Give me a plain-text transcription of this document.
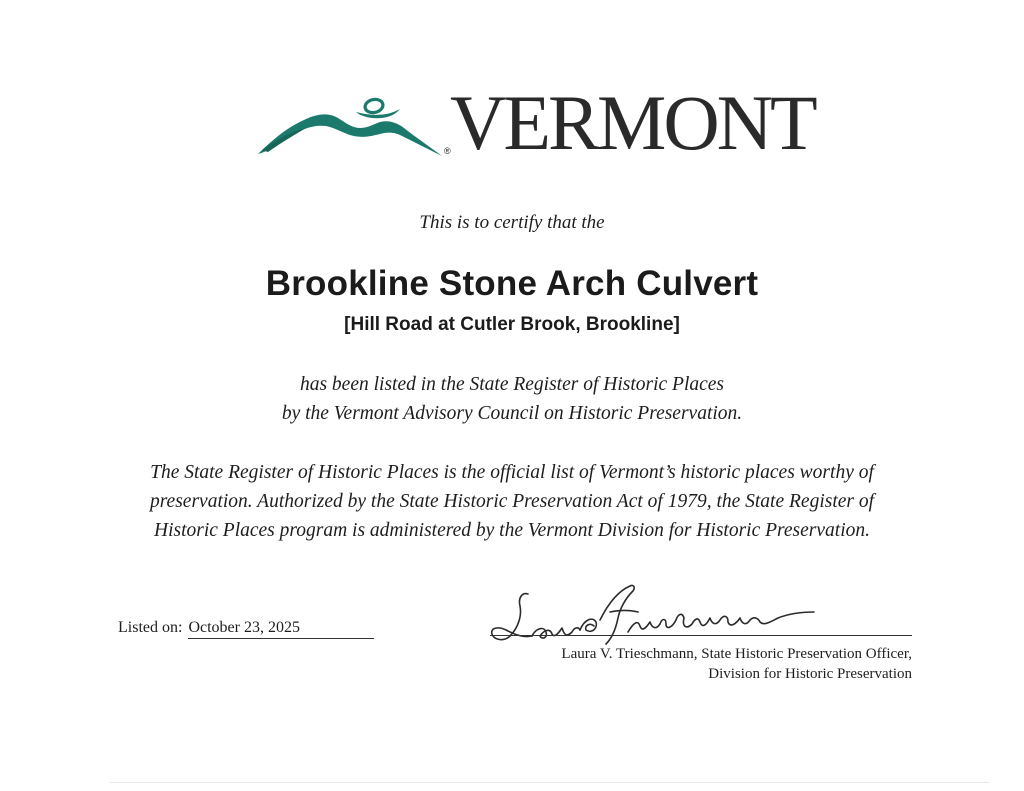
® VERMONT
This is to certify that the
Brookline Stone Arch Culvert
[Hill Road at Cutler Brook, Brookline]
has been listed in the State Register of Historic Places
by the Vermont Advisory Council on Historic Preservation.
The State Register of Historic Places is the official list of Vermont’s historic places worthy of
preservation. Authorized by the State Historic Preservation Act of 1979, the State Register of
Historic Places program is administered by the Vermont Division for Historic Preservation.
Listed on: October 23, 2025
Laura V. Trieschmann, State Historic Preservation Officer,
Division for Historic Preservation
